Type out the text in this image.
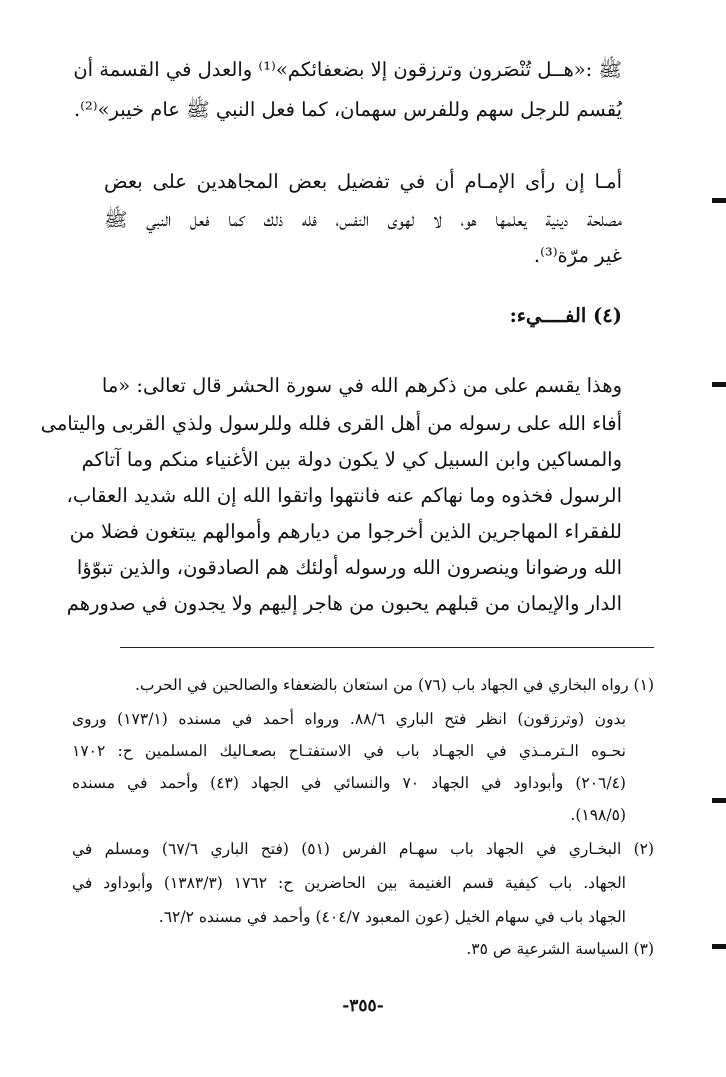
ﷺ :«هــل تُنْصَرون وترزقون إلا بضعفائكم»⁽¹⁾ والعدل في القسمة أن
يُقسم للرجل سهم وللفرس سهمان، كما فعل النبي ﷺ عام خيبر»⁽²⁾.
أمـا إن رأى الإمـام أن في تفضيل بعض المجاهدين على بعض
مصلحة دينية يعلمها هو، لا لهوى النفس، فله ذلك كما فعل النبي ﷺ
غير مرّة⁽³⁾.
(٤) الفــــيء:
وهذا يقسم على من ذكرهم الله في سورة الحشر قال تعالى: «ما
أفاء الله على رسوله من أهل القرى فلله وللرسول ولذي القربى واليتامى
والمساكين وابن السبيل كي لا يكون دولة بين الأغنياء منكم وما آتاكم
الرسول فخذوه وما نهاكم عنه فانتهوا واتقوا الله إن الله شديد العقاب،
للفقراء المهاجرين الذين أخرجوا من ديارهم وأموالهم يبتغون فضلا من
الله ورضوانا وينصرون الله ورسوله أولئك هم الصادقون، والذين تبوّؤا
الدار والإيمان من قبلهم يحبون من هاجر إليهم ولا يجدون في صدورهم
(١) رواه البخاري في الجهاد باب (٧٦) من استعان بالضعفاء والصالحين في الحرب.
بدون (وترزقون) انظر فتح الباري ٨٨/٦. ورواه أحمد في مسنده (١٧٣/١) وروى
نحـوه الـترمـذي في الجهـاد باب في الاستفتـاح بصعـاليك المسلمين ح: ١٧٠٢
(٢٠٦/٤) وأبوداود في الجهاد ٧٠ والنسائي في الجهاد (٤٣) وأحمد في مسنده
(١٩٨/٥).
(٢) البخـاري في الجهاد باب سهـام الفرس (٥١) (فتح الباري ٦٧/٦) ومسلم في
الجهاد. باب كيفية قسم الغنيمة بين الحاضرين ح: ١٧٦٢ (١٣٨٣/٣) وأبوداود في
الجهاد باب في سهام الخيل (عون المعبود ٤٠٤/٧) وأحمد في مسنده ٦٢/٢.
(٣) السياسة الشرعية ص ٣٥.
-٣٥٥-
